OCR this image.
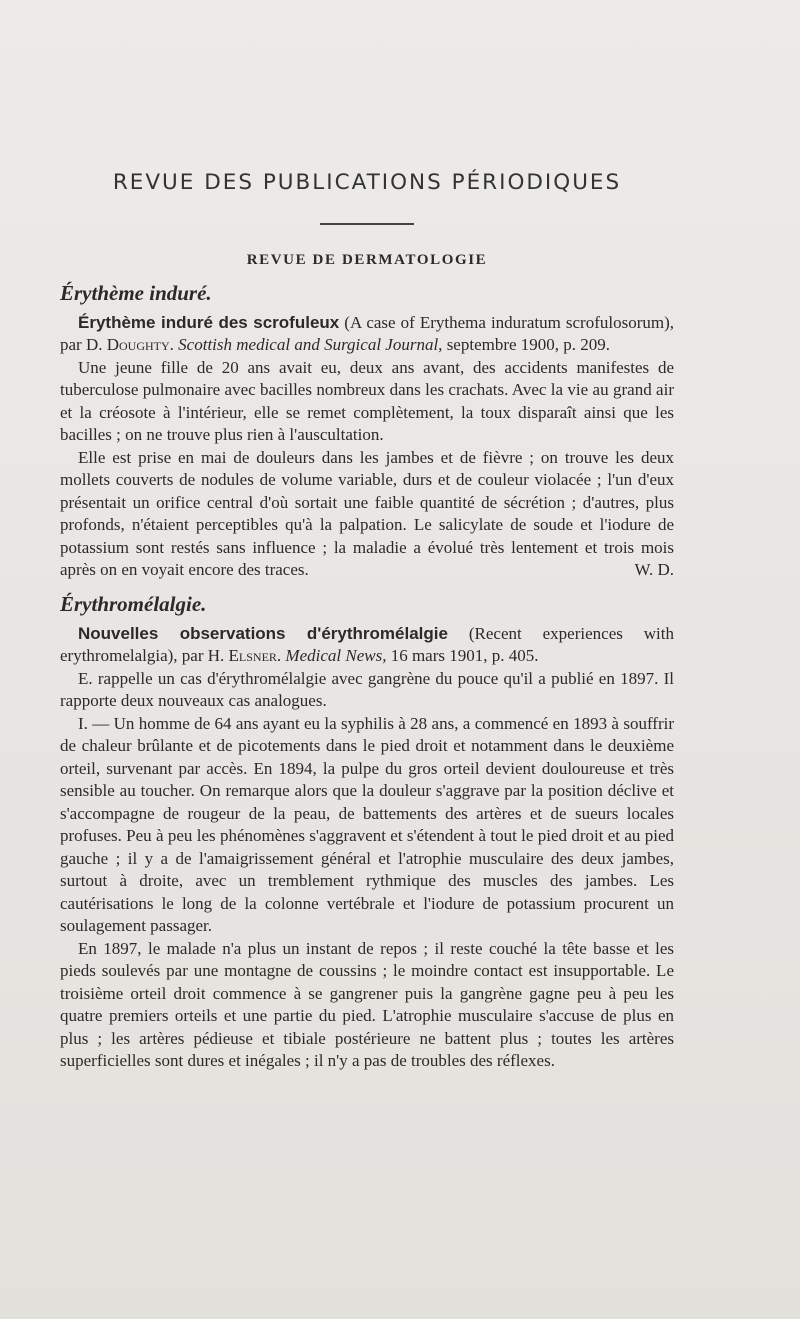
REVUE DES PUBLICATIONS PÉRIODIQUES
REVUE DE DERMATOLOGIE
Érythème induré.

Érythème induré des scrofuleux (A case of Erythema induratum scrofulosorum), par D. Doughty. Scottish medical and Surgical Journal, septembre 1900, p. 209.

Une jeune fille de 20 ans avait eu, deux ans avant, des accidents manifestes de tuberculose pulmonaire avec bacilles nombreux dans les crachats. Avec la vie au grand air et la créosote à l'intérieur, elle se remet complètement, la toux disparaît ainsi que les bacilles ; on ne trouve plus rien à l'auscultation.

Elle est prise en mai de douleurs dans les jambes et de fièvre ; on trouve les deux mollets couverts de nodules de volume variable, durs et de couleur violacée ; l'un d'eux présentait un orifice central d'où sortait une faible quantité de sécrétion ; d'autres, plus profonds, n'étaient perceptibles qu'à la palpation. Le salicylate de soude et l'iodure de potassium sont restés sans influence ; la maladie a évolué très lentement et trois mois après on en voyait encore des traces.	W. D.

Érythromélalgie.

Nouvelles observations d'érythromélalgie (Recent experiences with erythromelalgia), par H. Elsner. Medical News, 16 mars 1901, p. 405.

E. rappelle un cas d'érythromélalgie avec gangrène du pouce qu'il a publié en 1897. Il rapporte deux nouveaux cas analogues.

I. — Un homme de 64 ans ayant eu la syphilis à 28 ans, a commencé en 1893 à souffrir de chaleur brûlante et de picotements dans le pied droit et notamment dans le deuxième orteil, survenant par accès. En 1894, la pulpe du gros orteil devient douloureuse et très sensible au toucher. On remarque alors que la douleur s'aggrave par la position déclive et s'accompagne de rougeur de la peau, de battements des artères et de sueurs locales profuses. Peu à peu les phénomènes s'aggravent et s'étendent à tout le pied droit et au pied gauche ; il y a de l'amaigrissement général et l'atrophie musculaire des deux jambes, surtout à droite, avec un tremblement rythmique des muscles des jambes. Les cautérisations le long de la colonne vertébrale et l'iodure de potassium procurent un soulagement passager.

En 1897, le malade n'a plus un instant de repos ; il reste couché la tête basse et les pieds soulevés par une montagne de coussins ; le moindre contact est insupportable. Le troisième orteil droit commence à se gangrener puis la gangrène gagne peu à peu les quatre premiers orteils et une partie du pied. L'atrophie musculaire s'accuse de plus en plus ; les artères pédieuse et tibiale postérieure ne battent plus ; toutes les artères superficielles sont dures et inégales ; il n'y a pas de troubles des réflexes.
